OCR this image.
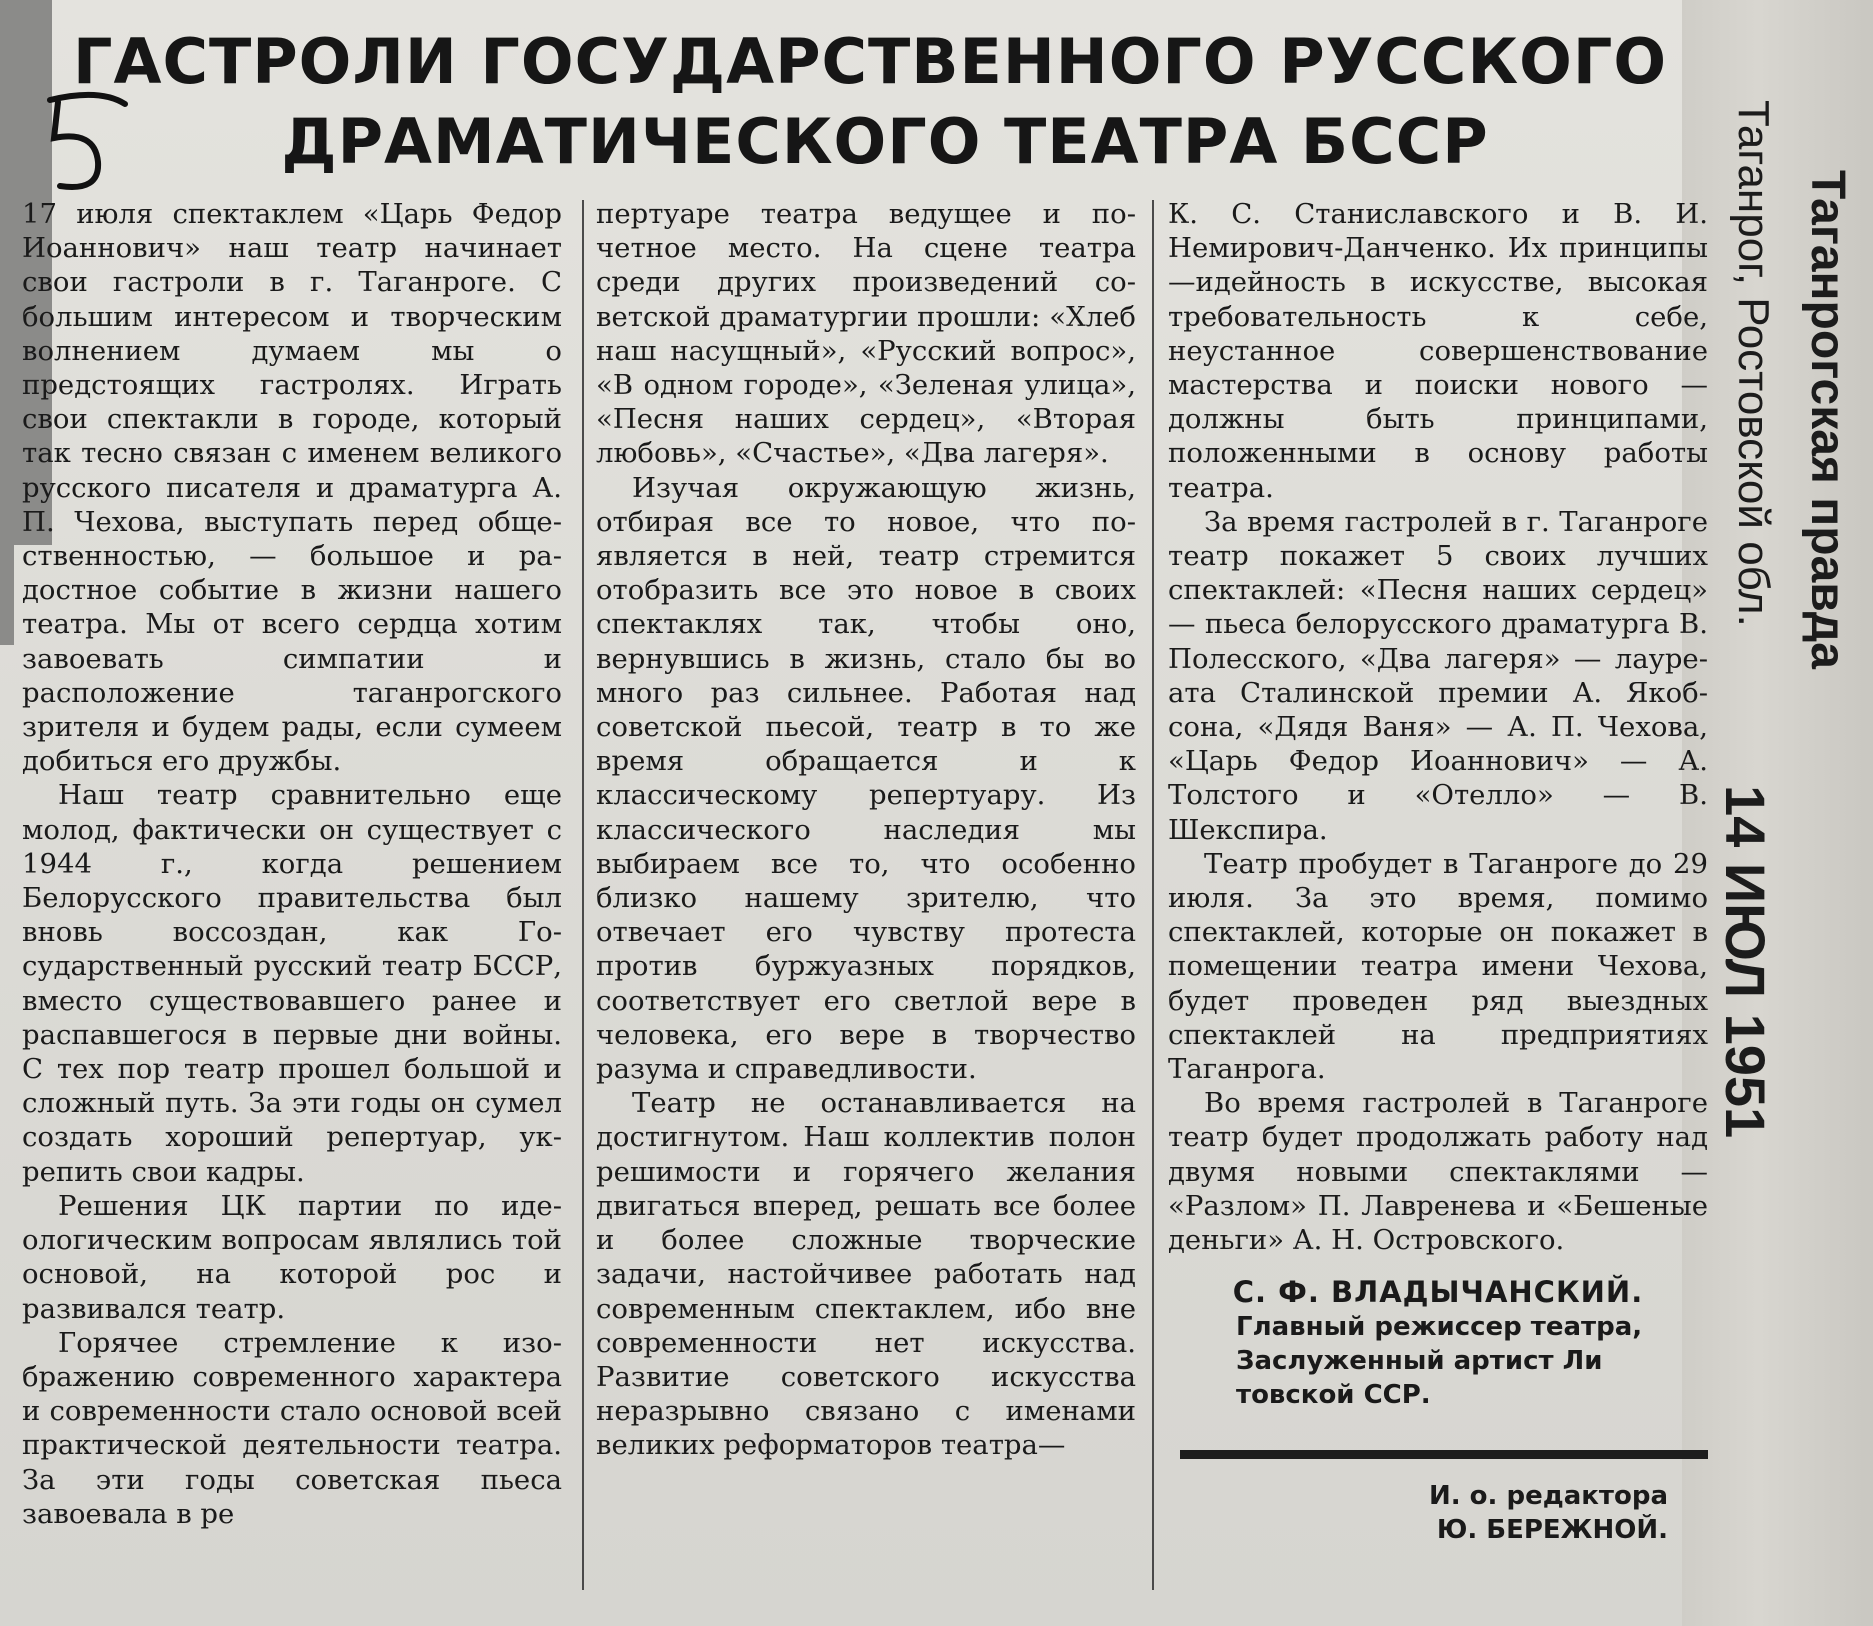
ГАСТРОЛИ ГОСУДАРСТВЕННОГО РУССКОГО
ДРАМАТИЧЕСКОГО ТЕАТРА БССР

17 июля спектаклем «Царь Федор Иоаннович» наш театр начинает свои гастроли в г. Таганроге. С большим интересом и творческим волнением думаем мы о предстоящих гастролях. Играть свои спектакли в городе, который так тесно связан с именем великого русского писателя и драматурга А. П. Чехова, выступать перед общественностью, — большое и радостное событие в жизни нашего театра. Мы от всего сердца хотим завоевать симпатии и расположение таганрогского зрителя и будем рады, если сумеем добиться его дружбы.

Наш театр сравнительно еще молод, фактически он существует с 1944 г., когда решением Белорусского правительства был вновь воссоздан, как Государственный русский театр БССР, вместо существовавшего ранее и распавшегося в первые дни войны. С тех пор театр прошел большой и сложный путь. За эти годы он сумел создать хороший репертуар, укрепить свои кадры.

Решения ЦК партии по идеологическим вопросам являлись той основой, на которой рос и развивался театр.

Горячее стремление к изображению современного характера и современности стало основой всей практической деятельности театра. За эти годы советская пьеса завоевала в ре

пертуаре театра ведущее и почетное место. На сцене театра среди других произведений советской драматургии прошли: «Хлеб наш насущный», «Русский вопрос», «В одном городе», «Зеленая улица», «Песня наших сердец», «Вторая любовь», «Счастье», «Два лагеря».

Изучая окружающую жизнь, отбирая все то новое, что появляется в ней, театр стремится отобразить все это новое в своих спектаклях так, чтобы оно, вернувшись в жизнь, стало бы во много раз сильнее. Работая над советской пьесой, театр в то же время обращается и к классическому репертуару. Из классического наследия мы выбираем все то, что особенно близко нашему зрителю, что отвечает его чувству протеста против буржуазных порядков, соответствует его светлой вере в человека, его вере в творчество разума и справедливости.

Театр не останавливается на достигнутом. Наш коллектив полон решимости и горячего желания двигаться вперед, решать все более и более сложные творческие задачи, настойчивее работать над современным спектаклем, ибо вне современности нет искусства. Развитие советского искусства неразрывно связано с именами великих реформаторов театра—

К. С. Станиславского и В. И. Немирович-Данченко. Их принципы—идейность в искусстве, высокая требовательность к себе, неустанное совершенствование мастерства и поиски нового — должны быть принципами, положенными в основу работы театра.

За время гастролей в г. Таганроге театр покажет 5 своих лучших спектаклей: «Песня наших сердец» — пьеса белорусского драматурга В. Полесского, «Два лагеря» — лауреата Сталинской премии А. Якобсона, «Дядя Ваня» — А. П. Чехова, «Царь Федор Иоаннович» — А. Толстого и «Отелло» — В. Шекспира.

Театр пробудет в Таганроге до 29 июля. За это время, помимо спектаклей, которые он покажет в помещении театра имени Чехова, будет проведен ряд выездных спектаклей на предприятиях Таганрога.

Во время гастролей в Таганроге театр будет продолжать работу над двумя новыми спектаклями — «Разлом» П. Лавренева и «Бешеные деньги» А. Н. Островского.

С. Ф. ВЛАДЫЧАНСКИЙ.
Главный режиссер театра,
Заслуженный артист Ли
товской ССР.
И. о. редактора
Ю. БЕРЕЖНОЙ.
Таганрогская правда
Таганрог, Ростовской обл.
14 ИЮЛ 1951
